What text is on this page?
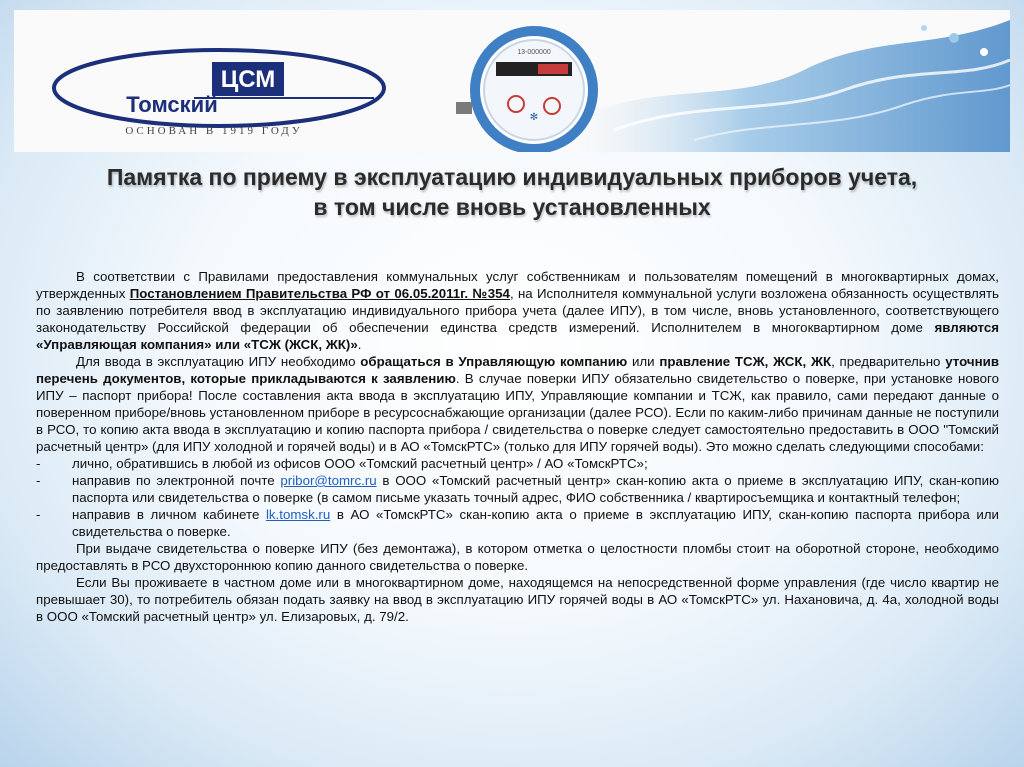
ЦСМ
Томский
ОСНОВАН В 1919 ГОДУ
✻
13-000000
Памятка по приему в эксплуатацию индивидуальных приборов учета,
в том числе вновь установленных

В соответствии с Правилами предоставления коммунальных услуг собственникам и пользователям помещений в многоквартирных домах, утвержденных Постановлением Правительства РФ от 06.05.2011г. №354, на Исполнителя коммунальной услуги возложена обязанность осуществлять по заявлению потребителя ввод в эксплуатацию индивидуального прибора учета (далее ИПУ), в том числе, вновь установленного, соответствующего законодательству Российской федерации об обеспечении единства средств измерений. Исполнителем в многоквартирном доме являются «Управляющая компания» или «ТСЖ (ЖСК, ЖК)».

Для ввода в эксплуатацию ИПУ необходимо обращаться в Управляющую компанию или правление ТСЖ, ЖСК, ЖК, предварительно уточнив перечень документов, которые прикладываются к заявлению. В случае поверки ИПУ обязательно свидетельство о поверке, при установке нового ИПУ – паспорт прибора! После составления акта ввода в эксплуатацию ИПУ, Управляющие компании и ТСЖ, как правило, сами передают данные о поверенном приборе/вновь установленном приборе в ресурсоснабжающие организации (далее РСО). Если по каким-либо причинам данные не поступили в РСО, то копию акта ввода в эксплуатацию и копию паспорта прибора / свидетельства о поверке следует самостоятельно предоставить в ООО "Томский расчетный центр» (для ИПУ холодной и горячей воды) и в АО «ТомскРТС» (только для ИПУ горячей воды). Это можно сделать следующими способами:

-	лично, обратившись в любой из офисов ООО «Томский расчетный центр» / АО «ТомскРТС»;
-	направив по электронной почте pribor@tomrc.ru в ООО «Томский расчетный центр» скан-копию акта о приеме в эксплуатацию ИПУ, скан-копию паспорта или свидетельства о поверке (в самом письме указать точный адрес, ФИО собственника / квартиросъемщика и контактный телефон;
-	направив в личном кабинете lk.tomsk.ru в АО «ТомскРТС» скан-копию акта о приеме в эксплуатацию ИПУ, скан-копию паспорта прибора или свидетельства о поверке.

При выдаче свидетельства о поверке ИПУ (без демонтажа), в котором отметка о целостности пломбы стоит на оборотной стороне, необходимо предоставлять в РСО двухстороннюю копию данного свидетельства о поверке.

Если Вы проживаете в частном доме или в многоквартирном доме, находящемся на непосредственной форме управления (где число квартир не превышает 30), то потребитель обязан подать заявку на ввод в эксплуатацию ИПУ горячей воды в АО «ТомскРТС» ул. Нахановича, д. 4а, холодной воды в ООО «Томский расчетный центр» ул. Елизаровых, д. 79/2.
